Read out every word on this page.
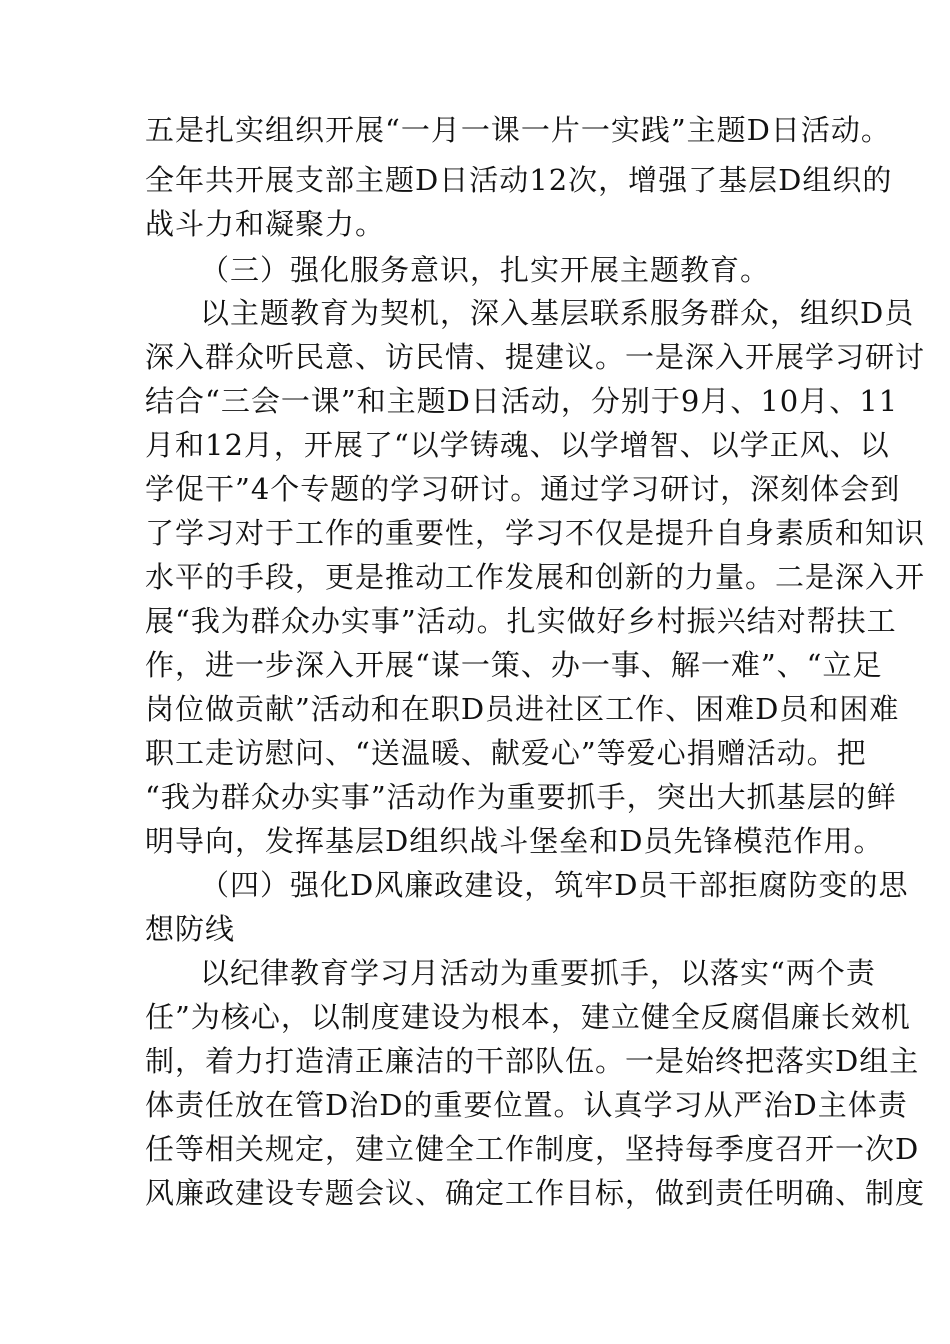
五是扎实组织开展“一月一课一片一实践”主题D日活动。
全年共开展支部主题D日活动12次，增强了基层D组织的
战斗力和凝聚力。
（三）强化服务意识，扎实开展主题教育。
以主题教育为契机，深入基层联系服务群众，组织D员
深入群众听民意、访民情、提建议。一是深入开展学习研讨
结合“三会一课”和主题D日活动，分别于9月、10月、11
月和12月，开展了“以学铸魂、以学增智、以学正风、以
学促干”4个专题的学习研讨。通过学习研讨，深刻体会到
了学习对于工作的重要性，学习不仅是提升自身素质和知识
水平的手段，更是推动工作发展和创新的力量。二是深入开
展“我为群众办实事”活动。扎实做好乡村振兴结对帮扶工
作，进一步深入开展“谋一策、办一事、解一难”、“立足
岗位做贡献”活动和在职D员进社区工作、困难D员和困难
职工走访慰问、“送温暖、献爱心”等爱心捐赠活动。把
“我为群众办实事”活动作为重要抓手，突出大抓基层的鲜
明导向，发挥基层D组织战斗堡垒和D员先锋模范作用。
（四）强化D风廉政建设，筑牢D员干部拒腐防变的思
想防线
以纪律教育学习月活动为重要抓手，以落实“两个责
任”为核心，以制度建设为根本，建立健全反腐倡廉长效机
制，着力打造清正廉洁的干部队伍。一是始终把落实D组主
体责任放在管D治D的重要位置。认真学习从严治D主体责
任等相关规定，建立健全工作制度，坚持每季度召开一次D
风廉政建设专题会议、确定工作目标，做到责任明确、制度
